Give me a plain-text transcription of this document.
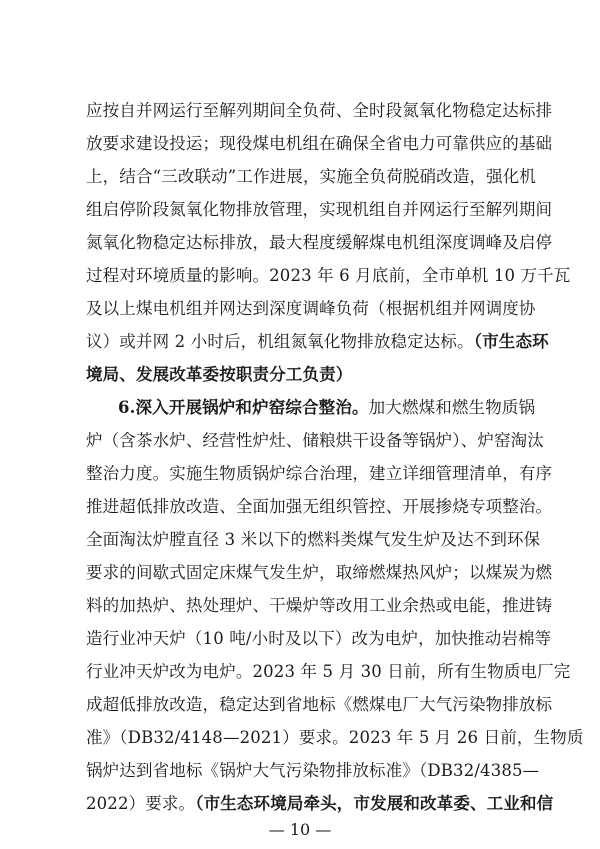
应按自并网运行至解列期间全负荷、全时段氮氧化物稳定达标排
放要求建设投运；现役煤电机组在确保全省电力可靠供应的基础
上，结合“三改联动”工作进展，实施全负荷脱硝改造，强化机
组启停阶段氮氧化物排放管理，实现机组自并网运行至解列期间
氮氧化物稳定达标排放，最大程度缓解煤电机组深度调峰及启停
过程对环境质量的影响。2023 年 6 月底前，全市单机 10 万千瓦
及以上煤电机组并网达到深度调峰负荷（根据机组并网调度协
议）或并网 2 小时后，机组氮氧化物排放稳定达标。（市生态环
境局、发展改革委按职责分工负责）
6.深入开展锅炉和炉窑综合整治。加大燃煤和燃生物质锅
炉（含茶水炉、经营性炉灶、储粮烘干设备等锅炉）、炉窑淘汰
整治力度。实施生物质锅炉综合治理，建立详细管理清单，有序
推进超低排放改造、全面加强无组织管控、开展掺烧专项整治。
全面淘汰炉膛直径 3 米以下的燃料类煤气发生炉及达不到环保
要求的间歇式固定床煤气发生炉，取缔燃煤热风炉；以煤炭为燃
料的加热炉、热处理炉、干燥炉等改用工业余热或电能，推进铸
造行业冲天炉（10 吨/小时及以下）改为电炉，加快推动岩棉等
行业冲天炉改为电炉。2023 年 5 月 30 日前，所有生物质电厂完
成超低排放改造，稳定达到省地标《燃煤电厂大气污染物排放标
准》（DB32/4148—2021）要求。2023 年 5 月 26 日前，生物质
锅炉达到省地标《锅炉大气污染物排放标准》（DB32/4385—
2022）要求。（市生态环境局牵头，市发展和改革委、工业和信
— 10 —
